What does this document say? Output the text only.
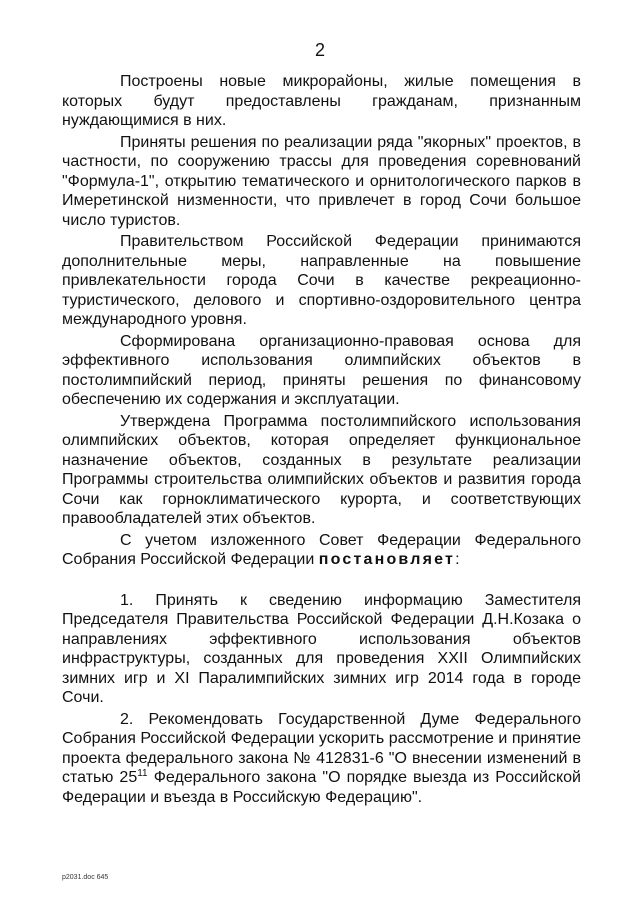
2

Построены новые микрорайоны, жилые помещения в которых будут предоставлены гражданам, признанным нуждающимися в них.

Приняты решения по реализации ряда "якорных" проектов, в частности, по сооружению трассы для проведения соревнований "Формула-1", открытию тематического и орнитологического парков в Имеретинской низменности, что привлечет в город Сочи большое число туристов.

Правительством Российской Федерации принимаются дополнительные меры, направленные на повышение привлекательности города Сочи в качестве рекреационно-туристического, делового и спортивно-оздоровительного центра международного уровня.

Сформирована организационно-правовая основа для эффективного использования олимпийских объектов в постолимпийский период, приняты решения по финансовому обеспечению их содержания и эксплуатации.

Утверждена Программа постолимпийского использования олимпийских объектов, которая определяет функциональное назначение объектов, созданных в результате реализации Программы строительства олимпийских объектов и развития города Сочи как горноклиматического курорта, и соответствующих правообладателей этих объектов.

С учетом изложенного Совет Федерации Федерального Собрания Российской Федерации постановляет:

1. Принять к сведению информацию Заместителя Председателя Правительства Российской Федерации Д.Н.Козака о направлениях эффективного использования объектов инфраструктуры, созданных для проведения XXII Олимпийских зимних игр и XI Паралимпийских зимних игр 2014 года в городе Сочи.

2. Рекомендовать Государственной Думе Федерального Собрания Российской Федерации ускорить рассмотрение и принятие проекта федерального закона № 412831-6 "О внесении изменений в статью $25^{11}$ Федерального закона "О порядке выезда из Российской Федерации и въезда в Российскую Федерацию".

р2031.doc 645
